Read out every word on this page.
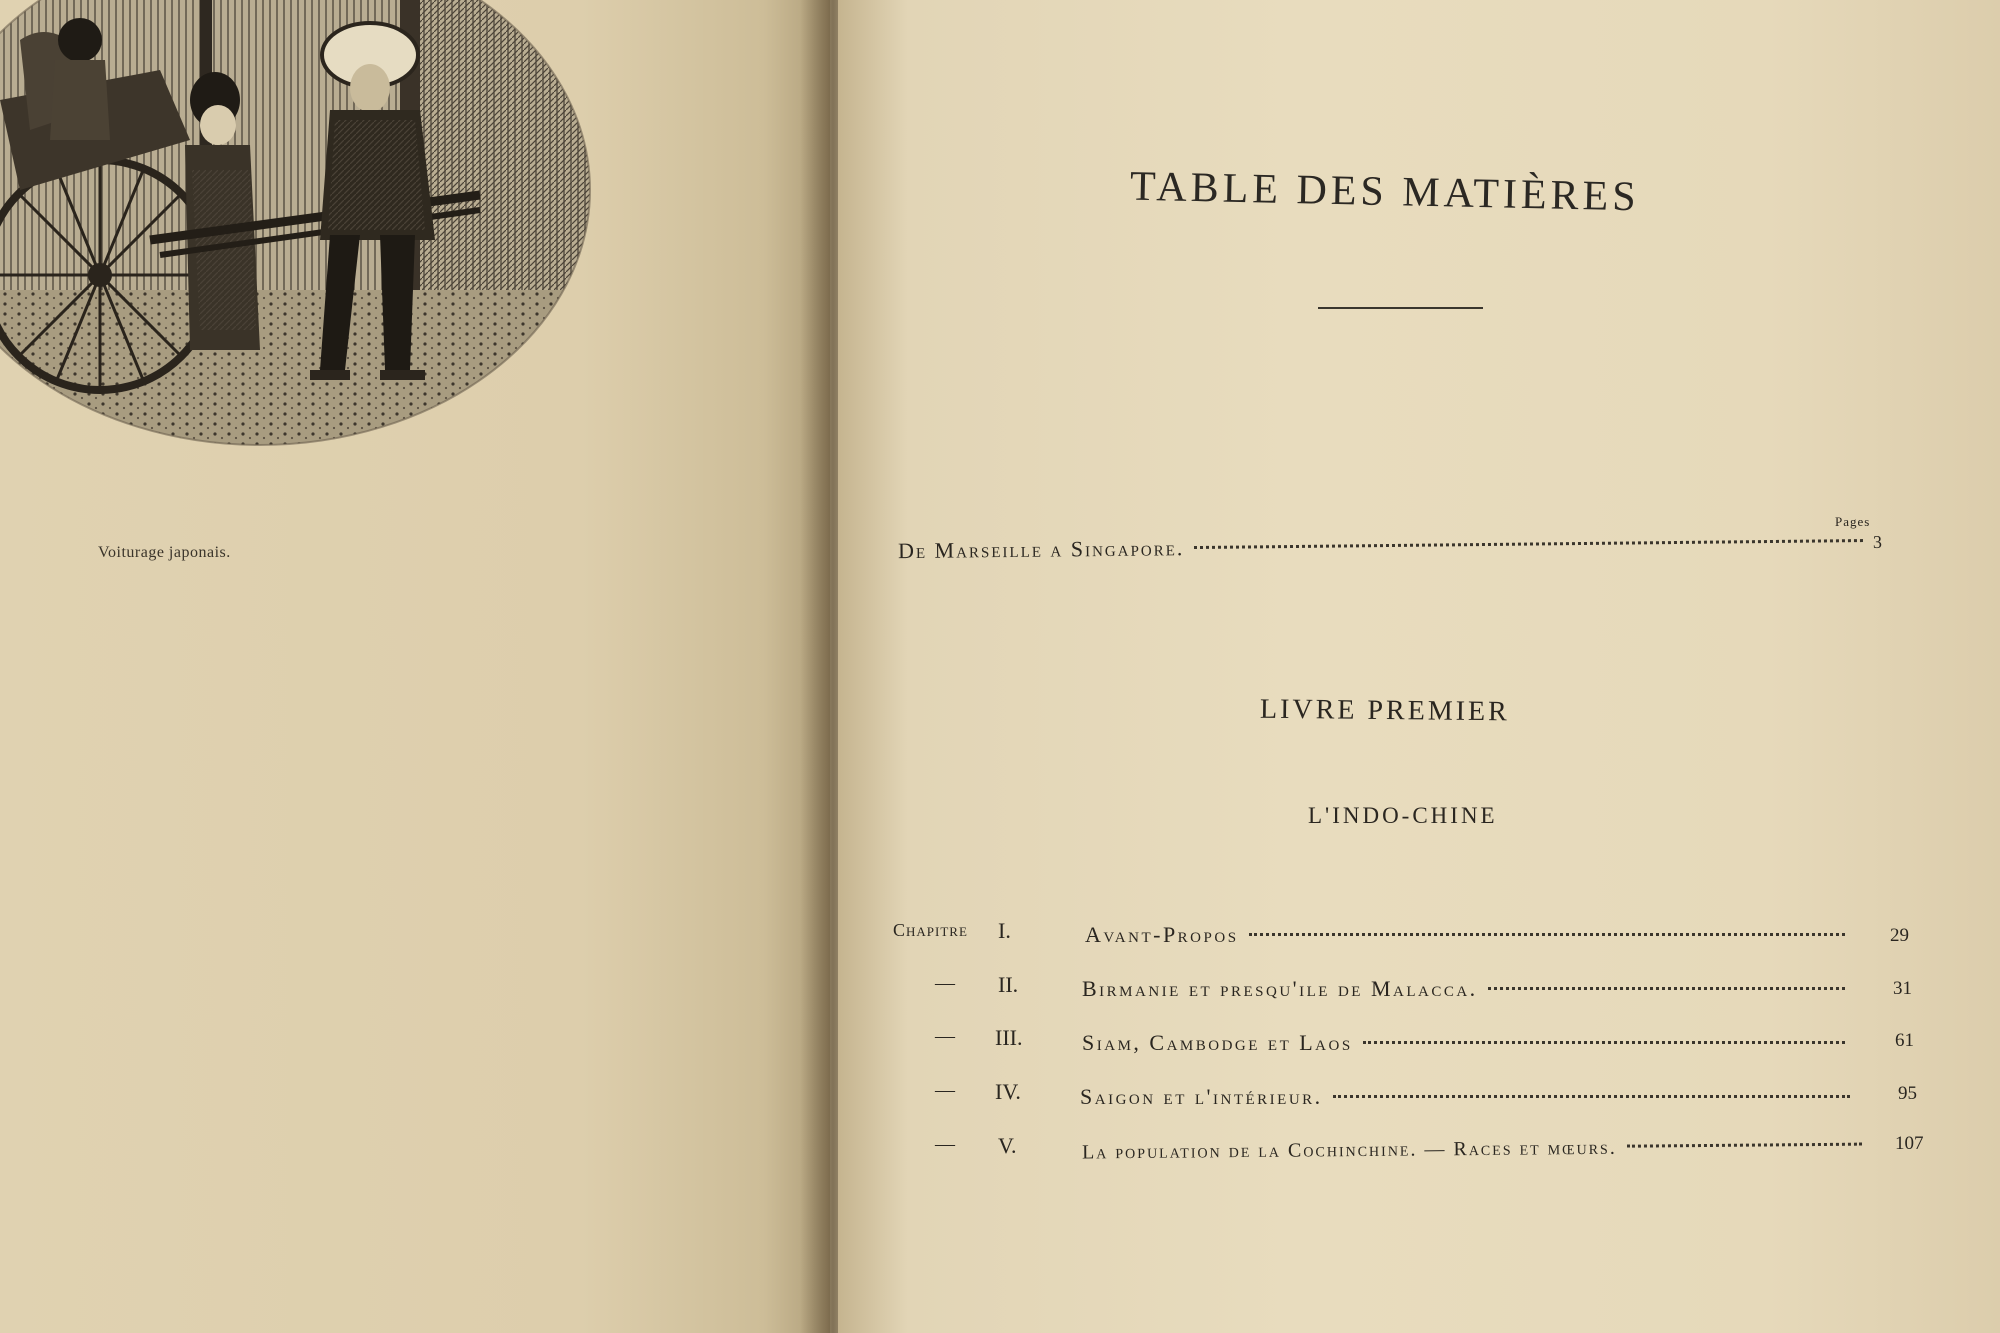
Voiturage japonais.
TABLE DES MATIÈRES
Pages
De Marseille a Singapore.	3
LIVRE PREMIER
L'INDO-CHINE
Chapitre I.	Avant-Propos	29
— II.	Birmanie et presqu'ile de Malacca.	31
— III.	Siam, Cambodge et Laos	61
— IV.	Saigon et l'intérieur.	95
— V.	La population de la Cochinchine. — Races et mœurs.	107
